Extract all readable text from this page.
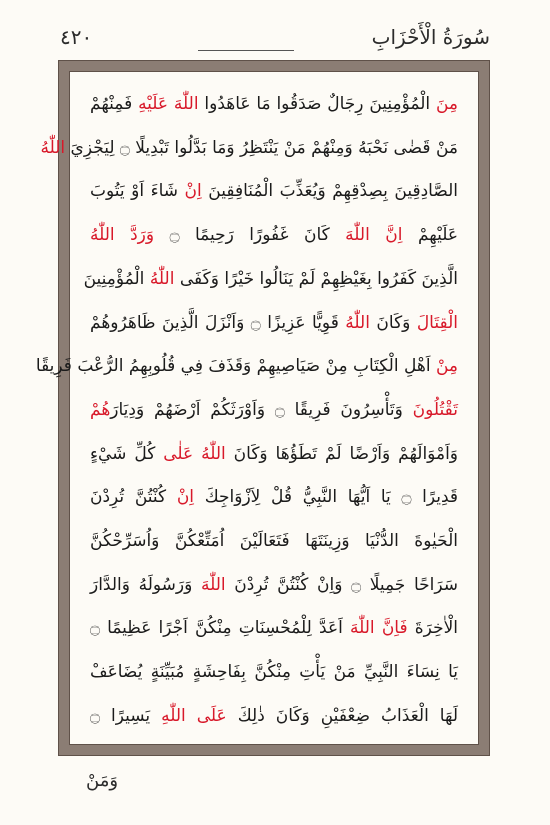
٤٢٠	سُورَةُ الْأَحْزَابِ
مِنَ الْمُؤْمِنِينَ رِجَالٌ صَدَقُوا مَا عَاهَدُوا اللّٰهَ عَلَيْهِ فَمِنْهُمْ
مَنْ قَضٰى نَحْبَهُ وَمِنْهُمْ مَنْ يَنْتَظِرُ وَمَا بَدَّلُوا تَبْدِيلًا ۝ لِيَجْزِيَ اللّٰهُ
الصَّادِقِينَ بِصِدْقِهِمْ وَيُعَذِّبَ الْمُنَافِقِينَ اِنْ شَاءَ اَوْ يَتُوبَ
عَلَيْهِمْ اِنَّ اللّٰهَ كَانَ غَفُورًا رَحِيمًا ۝ وَرَدَّ اللّٰهُ
الَّذِينَ كَفَرُوا بِغَيْظِهِمْ لَمْ يَنَالُوا خَيْرًا وَكَفَى اللّٰهُ الْمُؤْمِنِينَ
الْقِتَالَ وَكَانَ اللّٰهُ قَوِيًّا عَزِيزًا ۝ وَاَنْزَلَ الَّذِينَ ظَاهَرُوهُمْ
مِنْ اَهْلِ الْكِتَابِ مِنْ صَيَاصِيهِمْ وَقَذَفَ فِي قُلُوبِهِمُ الرُّعْبَ فَرِيقًا
تَقْتُلُونَ وَتَأْسِرُونَ فَرِيقًا ۝ وَاَوْرَثَكُمْ اَرْضَهُمْ وَدِيَارَهُمْ
وَاَمْوَالَهُمْ وَاَرْضًا لَمْ تَطَؤُهَا وَكَانَ اللّٰهُ عَلٰى كُلِّ شَيْءٍ
قَدِيرًا ۝ يَا اَيُّهَا النَّبِيُّ قُلْ لِاَزْوَاجِكَ اِنْ كُنْتُنَّ تُرِدْنَ
الْحَيٰوةَ الدُّنْيَا وَزِينَتَهَا فَتَعَالَيْنَ اُمَتِّعْكُنَّ وَاُسَرِّحْكُنَّ
سَرَاحًا جَمِيلًا ۝ وَاِنْ كُنْتُنَّ تُرِدْنَ اللّٰهَ وَرَسُولَهُ وَالدَّارَ
الْاٰخِرَةَ فَاِنَّ اللّٰهَ اَعَدَّ لِلْمُحْسِنَاتِ مِنْكُنَّ اَجْرًا عَظِيمًا ۝
يَا نِسَاءَ النَّبِيِّ مَنْ يَأْتِ مِنْكُنَّ بِفَاحِشَةٍ مُبَيِّنَةٍ يُضَاعَفْ
لَهَا الْعَذَابُ ضِعْفَيْنِ وَكَانَ ذٰلِكَ عَلَى اللّٰهِ يَسِيرًا ۝
وَمَنْ
